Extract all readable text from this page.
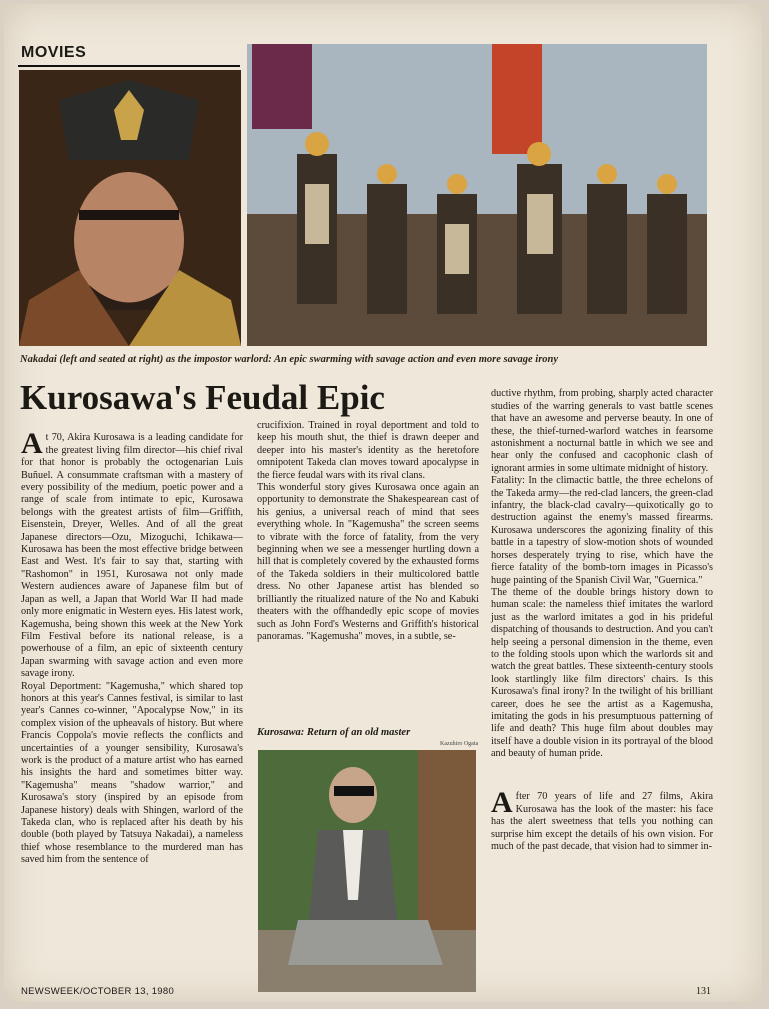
MOVIES
Nakadai (left and seated at right) as the impostor warlord: An epic swarming with savage action and even more savage irony
Kurosawa's Feudal Epic

At 70, Akira Kurosawa is a leading candidate for the greatest living film director—his chief rival for that honor is probably the octogenarian Luis Buñuel. A consummate craftsman with a mastery of every possibility of the medium, poetic power and a range of scale from intimate to epic, Kurosawa belongs with the greatest artists of film—Griffith, Eisenstein, Dreyer, Welles. And of all the great Japanese directors—Ozu, Mizoguchi, Ichikawa—Kurosawa has been the most effective bridge between East and West. It's fair to say that, starting with "Rashomon" in 1951, Kurosawa not only made Western audiences aware of Japanese film but of Japan as well, a Japan that World War II had made only more enigmatic in Western eyes. His latest work, Kagemusha, being shown this week at the New York Film Festival before its national release, is a powerhouse of a film, an epic of sixteenth century Japan swarming with savage action and even more savage irony.
Royal Deportment: "Kagemusha," which shared top honors at this year's Cannes festival, is similar to last year's Cannes co-winner, "Apocalypse Now," in its complex vision of the upheavals of history. But where Francis Coppola's movie reflects the conflicts and uncertainties of a younger sensibility, Kurosawa's work is the product of a mature artist who has earned his insights the hard and sometimes bitter way. "Kagemusha" means "shadow warrior," and Kurosawa's story (inspired by an episode from Japanese history) deals with Shingen, warlord of the Takeda clan, who is replaced after his death by his double (both played by Tatsuya Nakadai), a nameless thief whose resemblance to the murdered man has saved him from the sentence of

crucifixion. Trained in royal deportment and told to keep his mouth shut, the thief is drawn deeper and deeper into his master's identity as the heretofore omnipotent Takeda clan moves toward apocalypse in the fierce feudal wars with its rival clans.
This wonderful story gives Kurosawa once again an opportunity to demonstrate the Shakespearean cast of his genius, a universal reach of mind that sees everything whole. In "Kagemusha" the screen seems to vibrate with the force of fatality, from the very beginning when we see a messenger hurtling down a hill that is completely covered by the exhausted forms of the Takeda soldiers in their multicolored battle dress. No other Japanese artist has blended so brilliantly the ritualized nature of the No and Kabuki theaters with the offhandedly epic scope of movies such as John Ford's Westerns and Griffith's historical panoramas. "Kagemusha" moves, in a subtle, se-
Kurosawa: Return of an old master
Kazuhiro Ogata

ductive rhythm, from probing, sharply acted character studies of the warring generals to vast battle scenes that have an awesome and perverse beauty. In one of these, the thief-turned-warlord watches in fearsome astonishment a nocturnal battle in which we see and hear only the confused and cacophonic clash of ignorant armies in some ultimate midnight of history.
Fatality: In the climactic battle, the three echelons of the Takeda army—the red-clad lancers, the green-clad infantry, the black-clad cavalry—quixotically go to destruction against the enemy's massed firearms. Kurosawa underscores the agonizing finality of this battle in a tapestry of slow-motion shots of wounded horses desperately trying to rise, which have the fierce fatality of the bomb-torn images in Picasso's huge painting of the Spanish Civil War, "Guernica."
The theme of the double brings history down to human scale: the nameless thief imitates the warlord just as the warlord imitates a god in his prideful dispatching of thousands to destruction. And you can't help seeing a personal dimension in the theme, even to the folding stools upon which the warlords sit and watch the great battles. These sixteenth-century stools look startlingly like film directors' chairs. Is this Kurosawa's final irony? In the twilight of his brilliant career, does he see the artist as a Kagemusha, imitating the gods in his presumptuous patterning of life and death? This huge film about doubles may itself have a double vision in its portrayal of the blood and beauty of human pride.

After 70 years of life and 27 films, Akira Kurosawa has the look of the master: his face has the alert sweetness that tells you nothing can surprise him except the details of his own vision. For much of the past decade, that vision had to simmer in-

NEWSWEEK/OCTOBER 13, 1980	131
